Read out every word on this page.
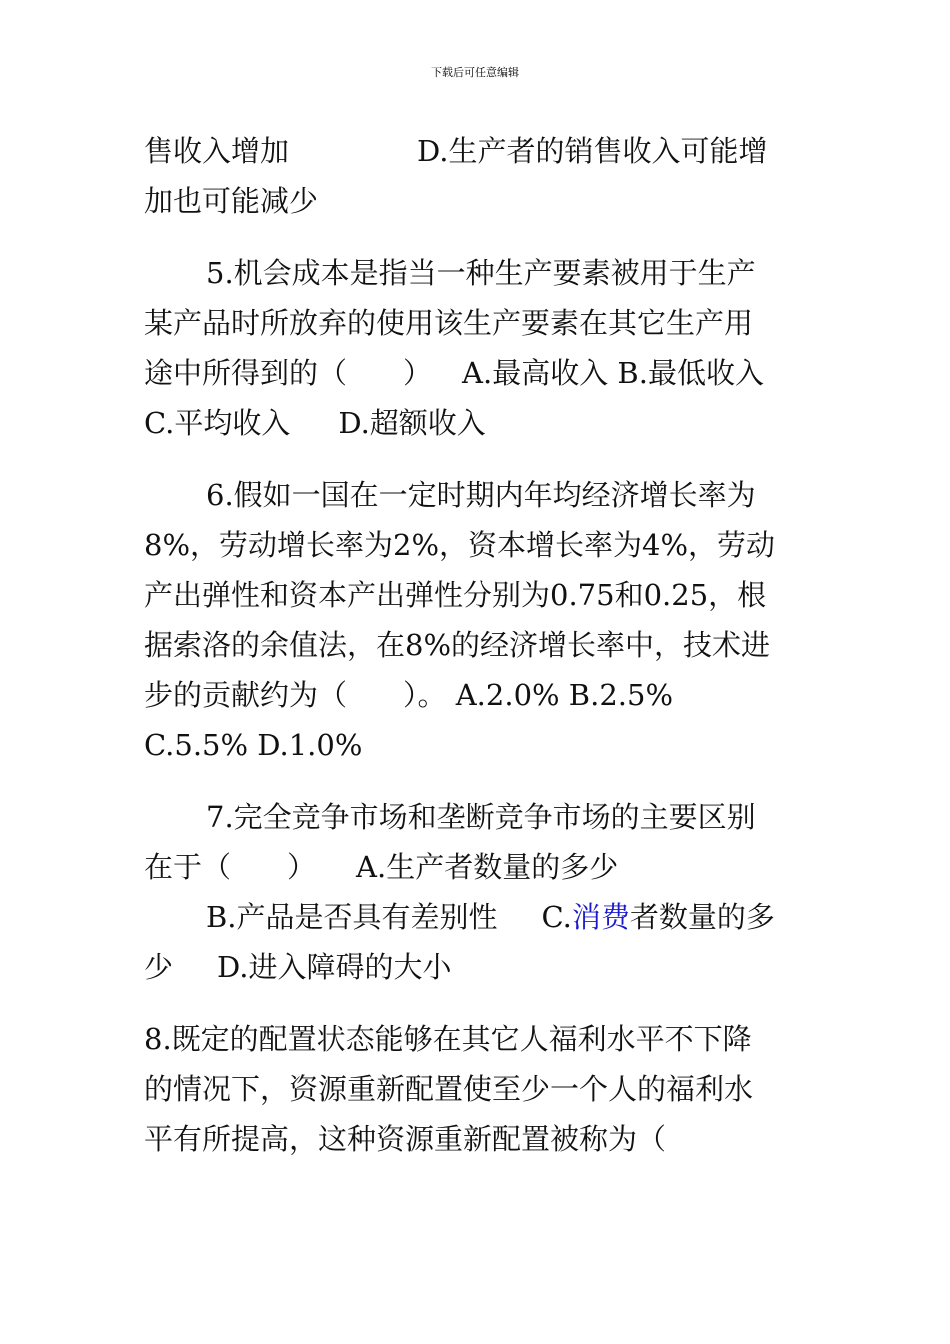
下载后可任意编辑
售收入增加	D.生产者的销售收入可能增
加也可能减少
5.机会成本是指当一种生产要素被用于生产
某产品时所放弃的使用该生产要素在其它生产用
途中所得到的（ ） A.最高收入 B.最低收入
C.平均收入 D.超额收入
6.假如一国在一定时期内年均经济增长率为
8%，劳动增长率为2%，资本增长率为4%，劳动
产出弹性和资本产出弹性分别为0.75和0.25，根
据索洛的余值法，在8%的经济增长率中，技术进
步的贡献约为（ ）。 A.2.0% B.2.5%
C.5.5% D.1.0%
7.完全竞争市场和垄断竞争市场的主要区别
在于（ ） A.生产者数量的多少
B.产品是否具有差别性 C.消费者数量的多
少 D.进入障碍的大小
8.既定的配置状态能够在其它人福利水平不下降
的情况下，资源重新配置使至少一个人的福利水
平有所提高，这种资源重新配置被称为（
